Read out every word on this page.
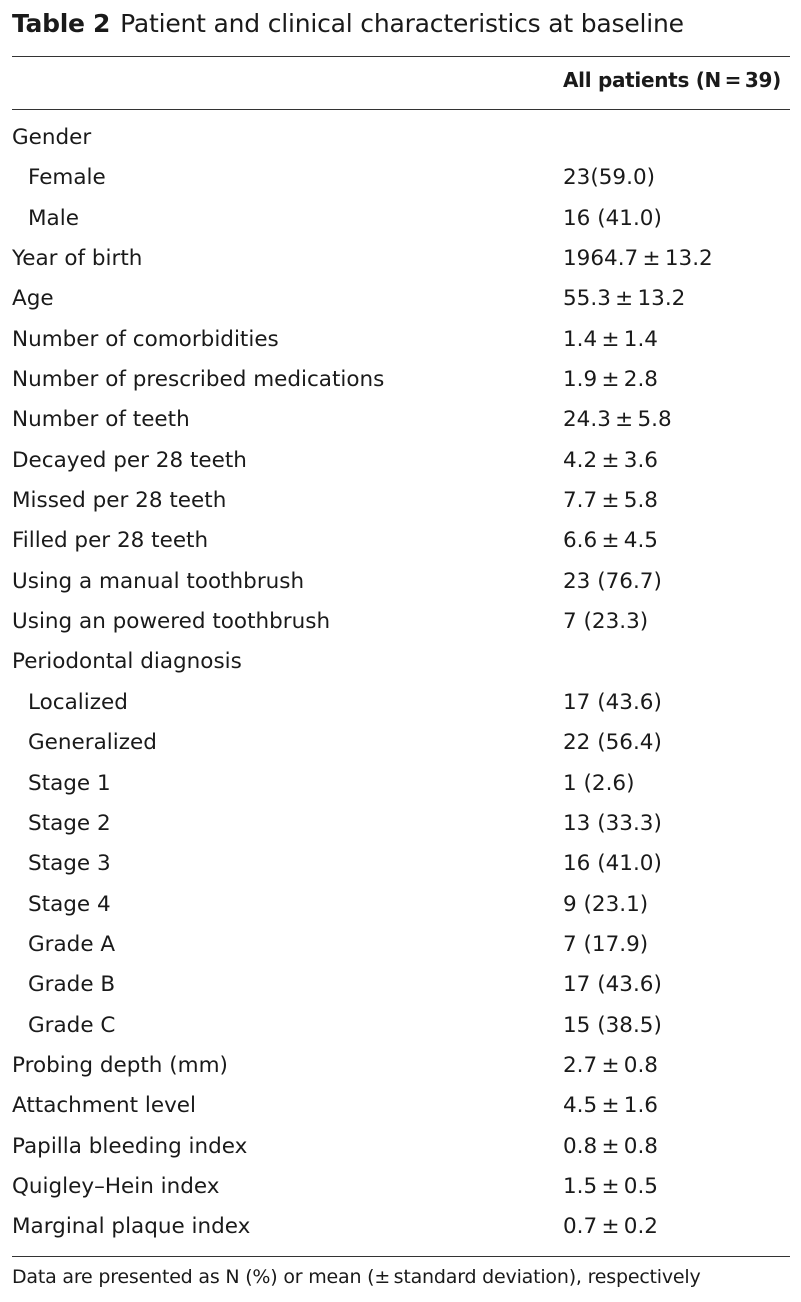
Table 2 Patient and clinical characteristics at baseline
All patients (N = 39)
Gender
Female	23(59.0)
Male	16 (41.0)
Year of birth	1964.7 ± 13.2
Age	55.3 ± 13.2
Number of comorbidities	1.4 ± 1.4
Number of prescribed medications	1.9 ± 2.8
Number of teeth	24.3 ± 5.8
Decayed per 28 teeth	4.2 ± 3.6
Missed per 28 teeth	7.7 ± 5.8
Filled per 28 teeth	6.6 ± 4.5
Using a manual toothbrush	23 (76.7)
Using an powered toothbrush	7 (23.3)
Periodontal diagnosis
Localized	17 (43.6)
Generalized	22 (56.4)
Stage 1	1 (2.6)
Stage 2	13 (33.3)
Stage 3	16 (41.0)
Stage 4	9 (23.1)
Grade A	7 (17.9)
Grade B	17 (43.6)
Grade C	15 (38.5)
Probing depth (mm)	2.7 ± 0.8
Attachment level	4.5 ± 1.6
Papilla bleeding index	0.8 ± 0.8
Quigley–Hein index	1.5 ± 0.5
Marginal plaque index	0.7 ± 0.2
Data are presented as N (%) or mean (± standard deviation), respectively
